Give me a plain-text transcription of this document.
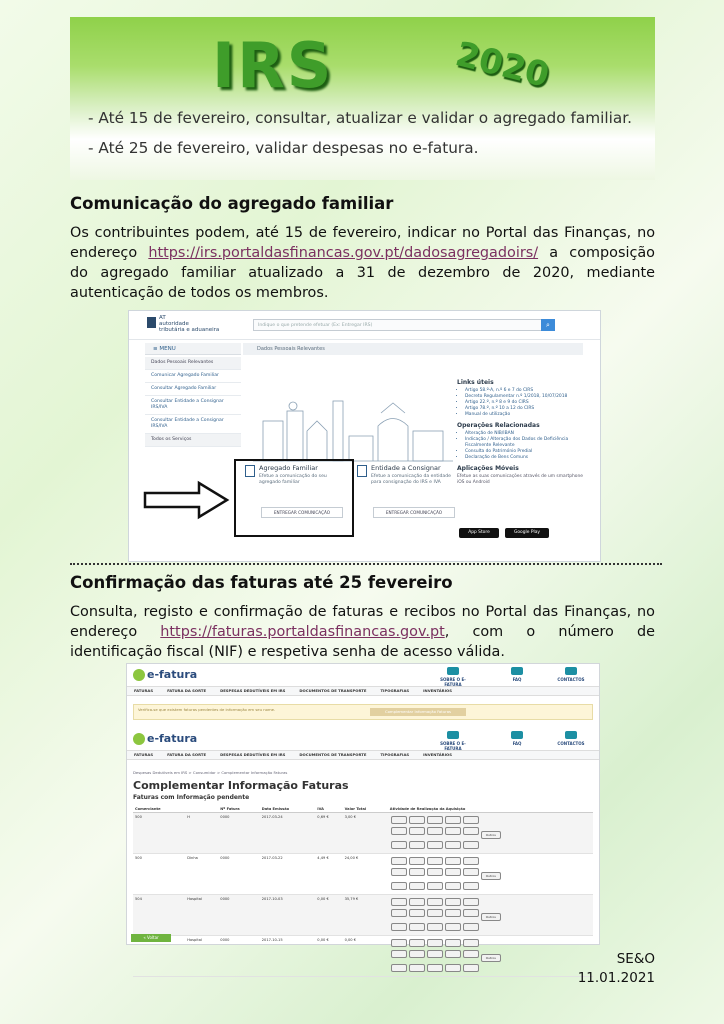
IRS	2020
- Até 15 de fevereiro, consultar, atualizar e validar o agregado familiar.
- Até 25 de fevereiro, validar despesas no e-fatura.
Comunicação do agregado familiar
Os contribuintes podem, até 15 de fevereiro, indicar no Portal das Finanças, no endereço https://irs.portaldasfinancas.gov.pt/dadosagregadoirs/ a composição do agregado familiar atualizado a 31 de dezembro de 2020, mediante autenticação de todos os membros.
AT
autoridade
tributária e aduaneira
Indique o que pretende efetuar (Ex: Entregar IRS)	⌕
≡ MENU	Dados Pessoais Relevantes
Dados Pessoais Relevantes
Comunicar Agregado Familiar
Consultar Agregado Familiar
Consultar Entidade a Consignar IRS/IVA
Consultar Entidade a Consignar IRS/IVA
Todos os Serviços
Agregado Familiar
Efetue a comunicação do seu agregado familiar
ENTREGAR COMUNICAÇÃO
Entidade a Consignar
Efetue a comunicação da entidade para consignação do IRS e IVA
ENTREGAR COMUNICAÇÃO
Links úteis
• Artigo 58.º-A, n.º 6 e 7 do CIRS
• Decreto Regulamentar n.º 1/2018, 10/07/2018
• Artigo 22.º, n.º 8 e 9 do CIRS
• Artigo 78.º, n.º 10 a 12 do CIRS
• Manual de utilização
Operações Relacionadas
• Alteração de NIB/IBAN
• Indicação / Alteração dos Dados de Deficiência Fiscalmente Relevante
• Consulta do Património Predial
• Declaração de Bens Comuns
Aplicações Móveis
Efetue as suas comunicações através de um smartphone iOS ou Android
App Store	Google Play
Confirmação das faturas até 25 fevereiro
Consulta, registo e confirmação de faturas e recibos no Portal das Finanças, no endereço https://faturas.portaldasfinancas.gov.pt, com o número de identificação fiscal (NIF) e respetiva senha de acesso válida.
e-fatura	SOBRE O E-FATURA
FAQ	CONTACTOS
FATURAS	FATURA DA SORTE	DESPESAS DEDUTÍVEIS EM IRS	DOCUMENTOS DE TRANSPORTE	TIPOGRAFIAS	INVENTÁRIOS
Verifica-se que existem faturas pendentes de informação em seu nome.	Complementar Informação Faturas
e-fatura	SOBRE O E-FATURA
FAQ	CONTACTOS
FATURAS	FATURA DA SORTE	DESPESAS DEDUTÍVEIS EM IRS	DOCUMENTOS DE TRANSPORTE	TIPOGRAFIAS	INVENTÁRIOS
Despesas Dedutíveis em IRS > Consumidor > Complementar Informação Faturas
Complementar Informação Faturas
Faturas com Informação pendente
Comerciante		Nº Fatura	Data Emissão	IVA	Valor Total	Atividade de Realização da Aquisição
500	H	0000	2017-03-24	0,69 €	3,00 €	Outros

500	Dinha	0000	2017-03-22	4,49 €	24,00 €	Outros

504	Hospital	0000	2017-10-03	0,00 €	35,79 €	Outros

	Hospital	0000	2017-10-15	0,00 €	0,00 €	Outros
« Voltar
SE&O
11.01.2021
